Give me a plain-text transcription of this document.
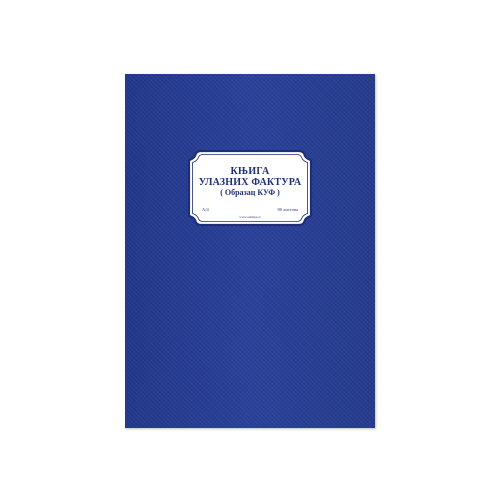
КЊИГА
УЛАЗНИХ ФАКТУРА
( Образац КУФ )
А/4	80 листова
www.stampa.rs
